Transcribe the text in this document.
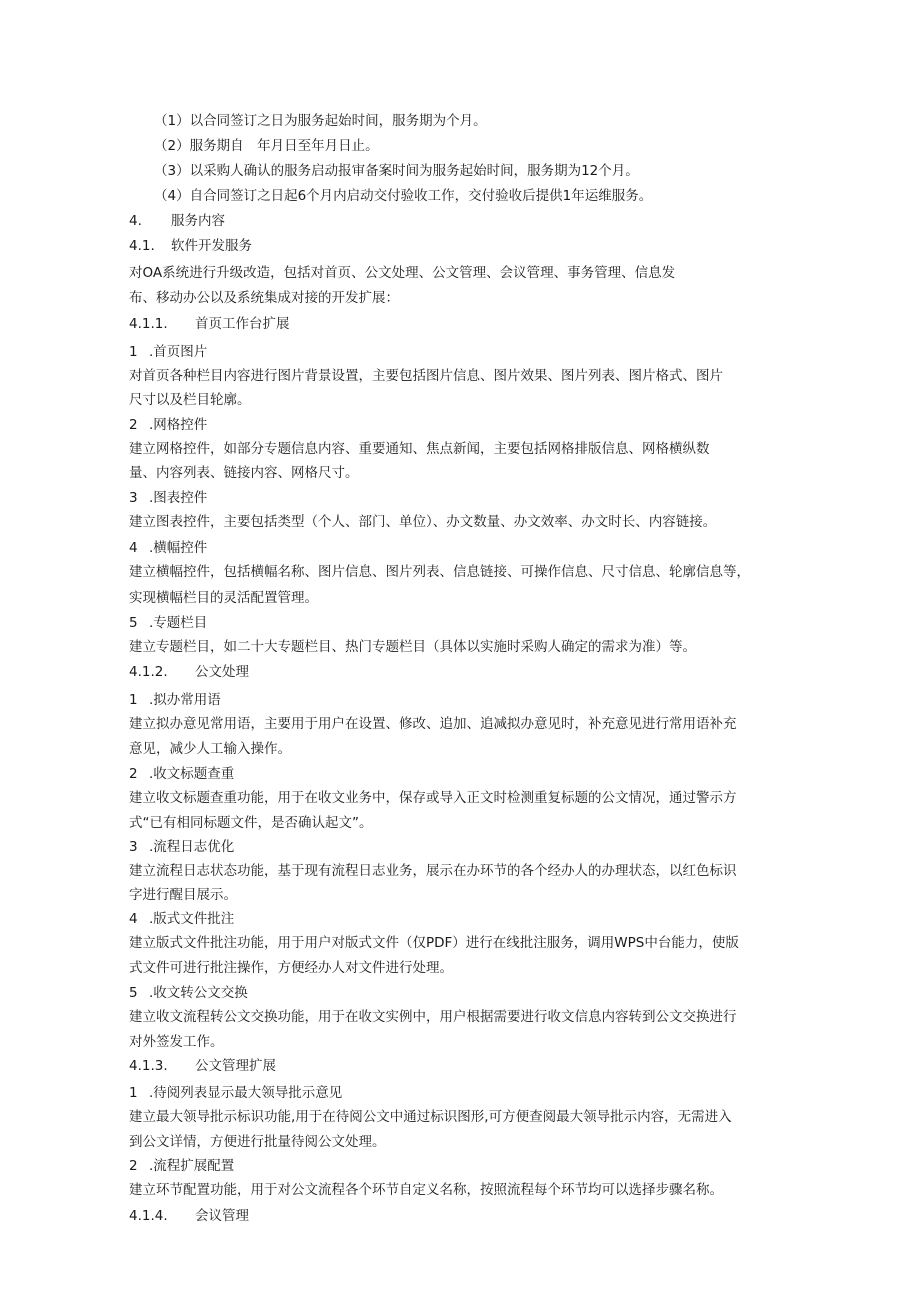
（1）以合同签订之日为服务起始时间，服务期为个月。
（2）服务期自　年月日至年月日止。
（3）以采购人确认的服务启动报审备案时间为服务起始时间，服务期为12个月。
（4）自合同签订之日起6个月内启动交付验收工作，交付验收后提供1年运维服务。
4. 服务内容
4.1. 软件开发服务
对OA系统进行升级改造，包括对首页、公文处理、公文管理、会议管理、事务管理、信息发
布、移动办公以及系统集成对接的开发扩展：
4.1.1. 首页工作台扩展
1 .首页图片
对首页各种栏目内容进行图片背景设置，主要包括图片信息、图片效果、图片列表、图片格式、图片
尺寸以及栏目轮廓。
2 .网格控件
建立网格控件，如部分专题信息内容、重要通知、焦点新闻，主要包括网格排版信息、网格横纵数
量、内容列表、链接内容、网格尺寸。
3 .图表控件
建立图表控件，主要包括类型（个人、部门、单位）、办文数量、办文效率、办文时长、内容链接。
4 .横幅控件
建立横幅控件，包括横幅名称、图片信息、图片列表、信息链接、可操作信息、尺寸信息、轮廓信息等，
实现横幅栏目的灵活配置管理。
5 .专题栏目
建立专题栏目，如二十大专题栏目、热门专题栏目（具体以实施时采购人确定的需求为准）等。
4.1.2. 公文处理
1 .拟办常用语
建立拟办意见常用语，主要用于用户在设置、修改、追加、追减拟办意见时，补充意见进行常用语补充
意见，减少人工输入操作。
2 .收文标题查重
建立收文标题查重功能，用于在收文业务中，保存或导入正文时检测重复标题的公文情况，通过警示方
式“已有相同标题文件，是否确认起文”。
3 .流程日志优化
建立流程日志状态功能，基于现有流程日志业务，展示在办环节的各个经办人的办理状态，以红色标识
字进行醒目展示。
4 .版式文件批注
建立版式文件批注功能，用于用户对版式文件（仅PDF）进行在线批注服务，调用WPS中台能力，使版
式文件可进行批注操作，方便经办人对文件进行处理。
5 .收文转公文交换
建立收文流程转公文交换功能，用于在收文实例中，用户根据需要进行收文信息内容转到公文交换进行
对外签发工作。
4.1.3. 公文管理扩展
1 .待阅列表显示最大领导批示意见
建立最大领导批示标识功能,用于在待阅公文中通过标识图形,可方便查阅最大领导批示内容，无需进入
到公文详情，方便进行批量待阅公文处理。
2 .流程扩展配置
建立环节配置功能，用于对公文流程各个环节自定义名称，按照流程每个环节均可以选择步骤名称。
4.1.4. 会议管理
